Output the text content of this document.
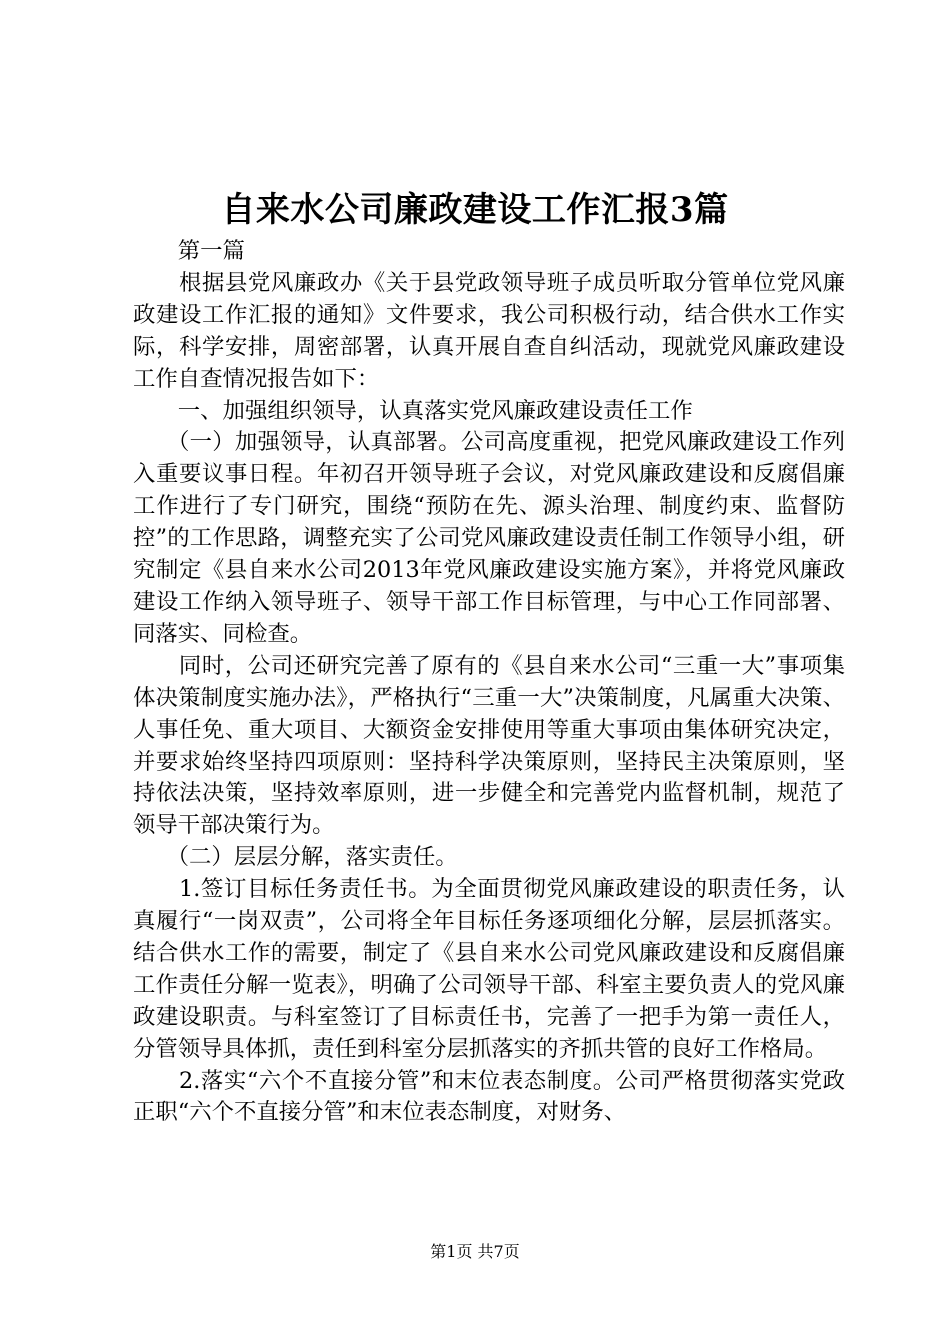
自来水公司廉政建设工作汇报3篇

　　第一篇

　　根据县党风廉政办《关于县党政领导班子成员听取分管单位党风廉政建设工作汇报的通知》文件要求，我公司积极行动，结合供水工作实际，科学安排，周密部署，认真开展自查自纠活动，现就党风廉政建设工作自查情况报告如下：

　　一、加强组织领导，认真落实党风廉政建设责任工作

　　（一）加强领导，认真部署。公司高度重视，把党风廉政建设工作列入重要议事日程。年初召开领导班子会议，对党风廉政建设和反腐倡廉工作进行了专门研究，围绕“预防在先、源头治理、制度约束、监督防控”的工作思路，调整充实了公司党风廉政建设责任制工作领导小组，研究制定《县自来水公司2013年党风廉政建设实施方案》，并将党风廉政建设工作纳入领导班子、领导干部工作目标管理，与中心工作同部署、同落实、同检查。

　　同时，公司还研究完善了原有的《县自来水公司“三重一大”事项集体决策制度实施办法》，严格执行“三重一大”决策制度，凡属重大决策、人事任免、重大项目、大额资金安排使用等重大事项由集体研究决定，并要求始终坚持四项原则：坚持科学决策原则，坚持民主决策原则，坚持依法决策，坚持效率原则，进一步健全和完善党内监督机制，规范了领导干部决策行为。

　　（二）层层分解，落实责任。

　　1.签订目标任务责任书。为全面贯彻党风廉政建设的职责任务，认真履行“一岗双责”，公司将全年目标任务逐项细化分解，层层抓落实。结合供水工作的需要，制定了《县自来水公司党风廉政建设和反腐倡廉工作责任分解一览表》，明确了公司领导干部、科室主要负责人的党风廉政建设职责。与科室签订了目标责任书，完善了一把手为第一责任人，分管领导具体抓，责任到科室分层抓落实的齐抓共管的良好工作格局。

　　2.落实“六个不直接分管”和末位表态制度。公司严格贯彻落实党政正职“六个不直接分管”和末位表态制度，对财务、

第1页 共7页
